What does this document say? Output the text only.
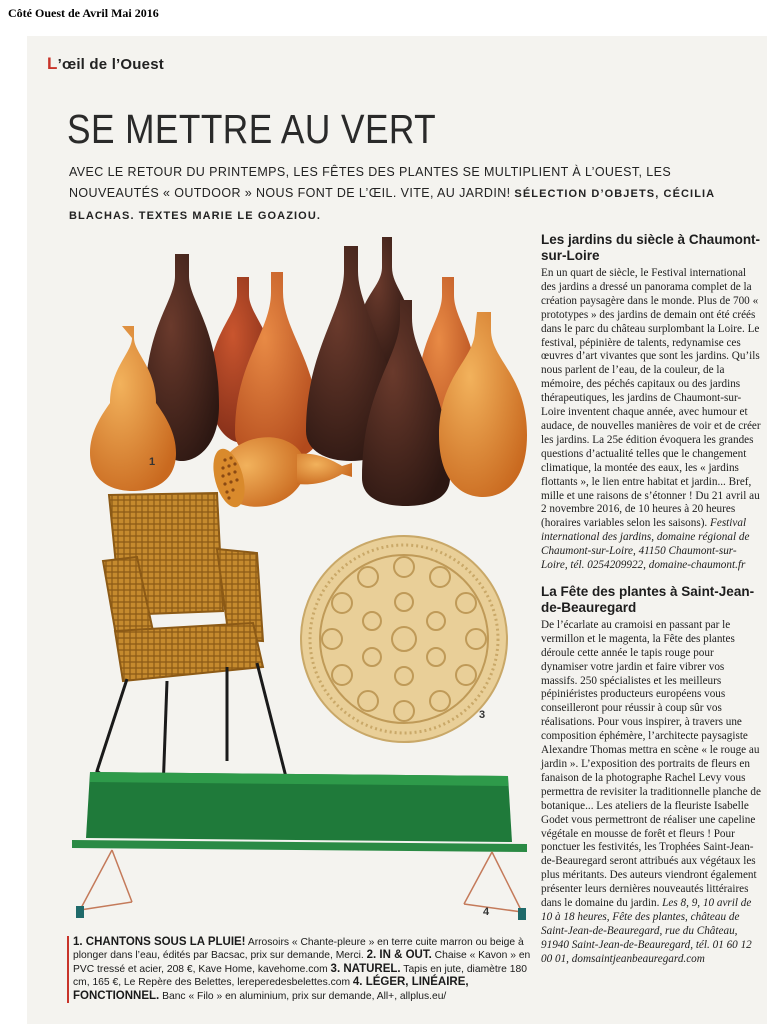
Côté Ouest de Avril Mai 2016
L’œil de l’Ouest
SE METTRE AU VERT
AVEC LE RETOUR DU PRINTEMPS, LES FÊTES DES PLANTES SE MULTIPLIENT À L’OUEST, LES NOUVEAUTÉS « OUTDOOR » NOUS FONT DE L’ŒIL. VITE, AU JARDIN! SÉLECTION D’OBJETS, CÉCILIA BLACHAS. TEXTES MARIE LE GOAZIOU.
1
3
4
Les jardins du siècle à Chaumont-sur-Loire

En un quart de siècle, le Festival international des jardins a dressé un panorama complet de la création paysagère dans le monde. Plus de 700 « prototypes » des jardins de demain ont été créés dans le parc du château surplombant la Loire. Le festival, pépinière de talents, redynamise ces œuvres d’art vivantes que sont les jardins. Qu’ils nous parlent de l’eau, de la couleur, de la mémoire, des péchés capitaux ou des jardins thérapeutiques, les jardins de Chaumont-sur-Loire inventent chaque année, avec humour et audace, de nouvelles manières de voir et de créer les jardins. La 25e édition évoquera les grandes questions d’actualité telles que le changement climatique, la montée des eaux, les « jardins flottants », le lien entre habitat et jardin... Bref, mille et une raisons de s’étonner ! Du 21 avril au 2 novembre 2016, de 10 heures à 20 heures (horaires variables selon les saisons). Festival international des jardins, domaine régional de Chaumont-sur-Loire, 41150 Chaumont-sur-Loire, tél. 0254209922, domaine-chaumont.fr

La Fête des plantes à Saint-Jean-de-Beauregard

De l’écarlate au cramoisi en passant par le vermillon et le magenta, la Fête des plantes déroule cette année le tapis rouge pour dynamiser votre jardin et faire vibrer vos massifs. 250 spécialistes et les meilleurs pépiniéristes producteurs européens vous conseilleront pour réussir à coup sûr vos réalisations. Pour vous inspirer, à travers une composition éphémère, l’architecte paysagiste Alexandre Thomas mettra en scène « le rouge au jardin ». L’exposition des portraits de fleurs en fanaison de la photographe Rachel Levy vous permettra de revisiter la traditionnelle planche de botanique... Les ateliers de la fleuriste Isabelle Godet vous permettront de réaliser une capeline végétale en mousse de forêt et fleurs ! Pour ponctuer les festivités, les Trophées Saint-Jean-de-Beauregard seront attribués aux végétaux les plus méritants. Des auteurs viendront également présenter leurs dernières nouveautés littéraires dans le domaine du jardin. Les 8, 9, 10 avril de 10 à 18 heures, Fête des plantes, château de Saint-Jean-de-Beauregard, rue du Château, 91940 Saint-Jean-de-Beauregard, tél. 01 60 12 00 01, domsaintjeanbeauregard.com

1. CHANTONS SOUS LA PLUIE! Arrosoirs « Chante-pleure » en terre cuite marron ou beige à plonger dans l’eau, édités par Bacsac, prix sur demande, Merci. 2. IN & OUT. Chaise « Kavon » en PVC tressé et acier, 208 €, Kave Home, kavehome.com 3. NATUREL. Tapis en jute, diamètre 180 cm, 165 €, Le Repère des Belettes, lereperedesbelettes.com 4. LÉGER, LINÉAIRE, FONCTIONNEL. Banc « Filo » en aluminium, prix sur demande, All+, allplus.eu/
